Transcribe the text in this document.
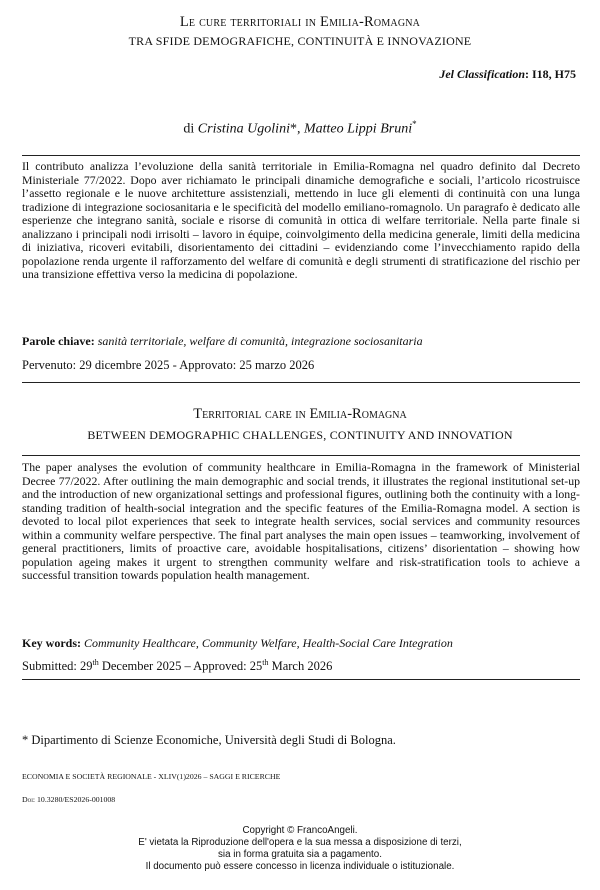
Le cure territoriali in Emilia-Romagna
TRA SFIDE DEMOGRAFICHE, CONTINUITÀ E INNOVAZIONE
Jel Classification: I18, H75
di Cristina Ugolini*, Matteo Lippi Bruni*
Il contributo analizza l’evoluzione della sanità territoriale in Emilia-Romagna nel quadro definito dal Decreto Ministeriale 77/2022. Dopo aver richiamato le principali dinamiche demografiche e sociali, l’articolo ricostruisce l’assetto regionale e le nuove architetture assistenziali, mettendo in luce gli elementi di continuità con una lunga tradizione di integrazione sociosanitaria e le specificità del modello emiliano-romagnolo. Un paragrafo è dedicato alle esperienze che integrano sanità, sociale e risorse di comunità in ottica di welfare territoriale. Nella parte finale si analizzano i principali nodi irrisolti – lavoro in équipe, coinvolgimento della medicina generale, limiti della medicina di iniziativa, ricoveri evitabili, disorientamento dei cittadini – evidenziando come l’invecchiamento rapido della popolazione renda urgente il rafforzamento del welfare di comunità e degli strumenti di stratificazione del rischio per una transizione effettiva verso la medicina di popolazione.
Parole chiave: sanità territoriale, welfare di comunità, integrazione sociosanitaria
Pervenuto: 29 dicembre 2025 - Approvato: 25 marzo 2026
Territorial care in Emilia-Romagna
BETWEEN DEMOGRAPHIC CHALLENGES, CONTINUITY AND INNOVATION
The paper analyses the evolution of community healthcare in Emilia-Romagna in the framework of Ministerial Decree 77/2022. After outlining the main demographic and social trends, it illustrates the regional institutional set-up and the introduction of new organizational settings and professional figures, outlining both the continuity with a long-standing tradition of health-social integration and the specific features of the Emilia-Romagna model. A section is devoted to local pilot experiences that seek to integrate health services, social services and community resources within a community welfare perspective. The final part analyses the main open issues – teamworking, involvement of general practitioners, limits of proactive care, avoidable hospitalisations, citizens’ disorientation – showing how population ageing makes it urgent to strengthen community welfare and risk-stratification tools to achieve a successful transition towards population health management.
Key words: Community Healthcare, Community Welfare, Health-Social Care Integration
Submitted: 29th December 2025 – Approved: 25th March 2026
* Dipartimento di Scienze Economiche, Università degli Studi di Bologna.
ECONOMIA E SOCIETÀ REGIONALE - XLIV(1)2026 – SAGGI E RICERCHE
Doi: 10.3280/ES2026-001008
Copyright © FrancoAngeli.
E' vietata la Riproduzione dell'opera e la sua messa a disposizione di terzi,
sia in forma gratuita sia a pagamento.
Il documento può essere concesso in licenza individuale o istituzionale.
